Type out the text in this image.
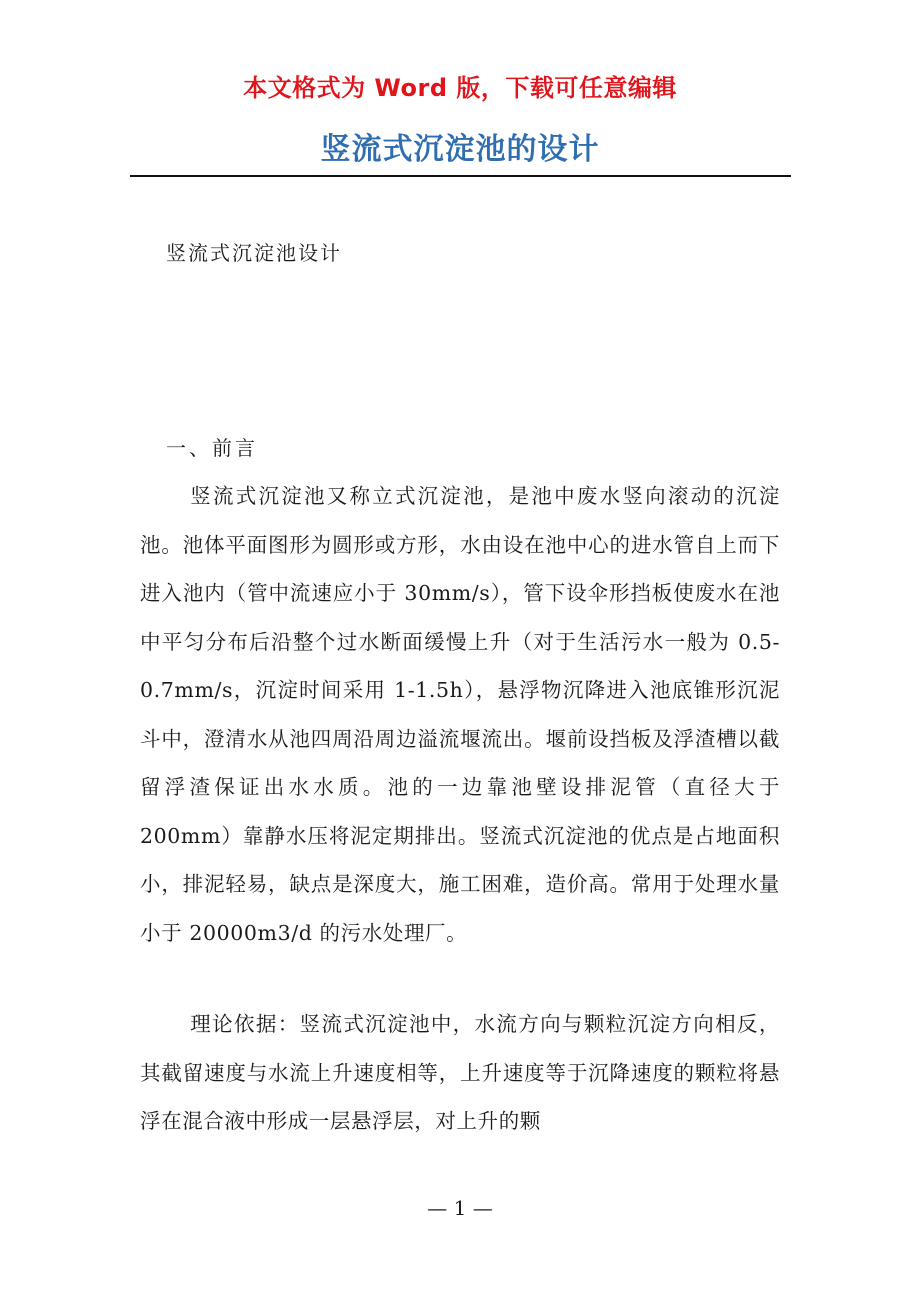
本文格式为 Word 版，下载可任意编辑
竖流式沉淀池的设计
竖流式沉淀池设计
一、前言

竖流式沉淀池又称立式沉淀池，是池中废水竖向滚动的沉淀池。池体平面图形为圆形或方形，水由设在池中心的进水管自上而下进入池内（管中流速应小于 30mm/s），管下设伞形挡板使废水在池中平匀分布后沿整个过水断面缓慢上升（对于生活污水一般为 0.5-0.7mm/s，沉淀时间采用 1-1.5h），悬浮物沉降进入池底锥形沉泥斗中，澄清水从池四周沿周边溢流堰流出。堰前设挡板及浮渣槽以截留浮渣保证出水水质。池的一边靠池壁设排泥管（直径大于 200mm）靠静水压将泥定期排出。竖流式沉淀池的优点是占地面积小，排泥轻易，缺点是深度大，施工困难，造价高。常用于处理水量小于 20000m3/d 的污水处理厂。

理论依据：竖流式沉淀池中，水流方向与颗粒沉淀方向相反，其截留速度与水流上升速度相等，上升速度等于沉降速度的颗粒将悬浮在混合液中形成一层悬浮层，对上升的颗

— 1 —
